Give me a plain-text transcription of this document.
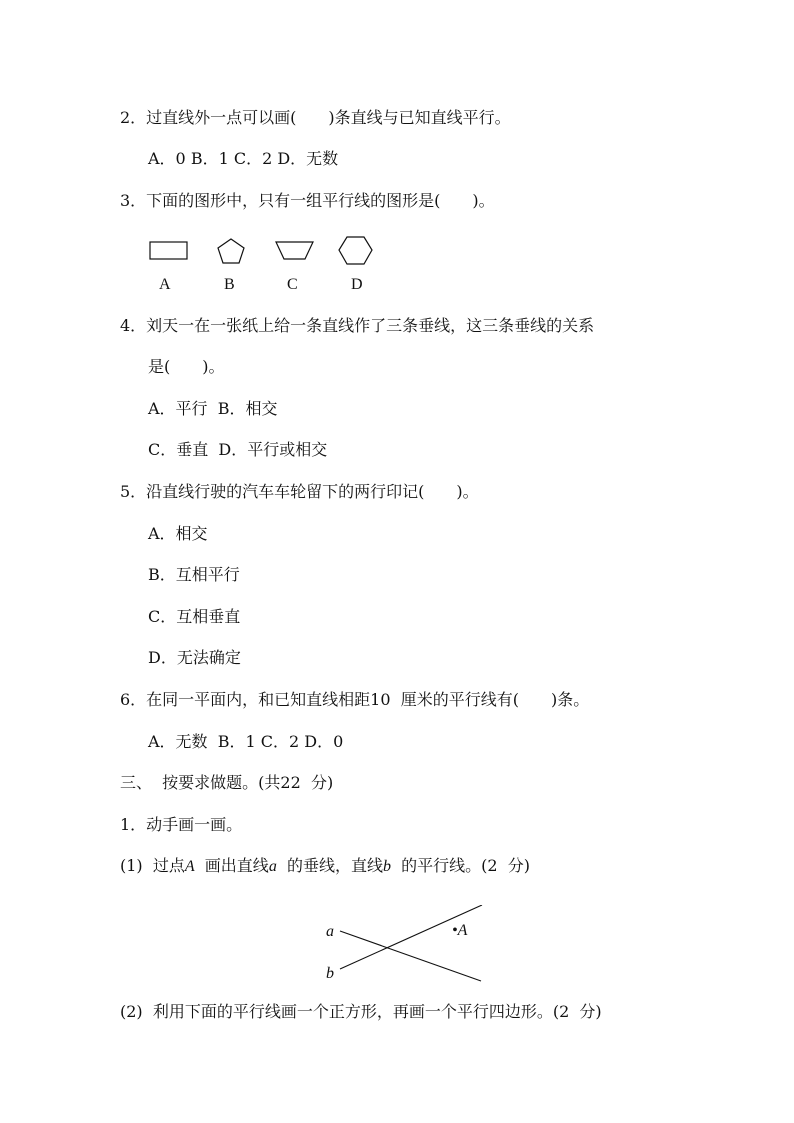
2．过直线外一点可以画(　　)条直线与已知直线平行。
A．0 B．1 C．2 D．无数
3．下面的图形中，只有一组平行线的图形是(　　)。
A	B	C	D
4．刘天一在一张纸上给一条直线作了三条垂线，这三条垂线的关系
是(　　)。
A．平行  B．相交
C．垂直  D．平行或相交
5．沿直线行驶的汽车车轮留下的两行印记(　　)。
A．相交
B．互相平行
C．互相垂直
D．无法确定
6．在同一平面内，和已知直线相距10  厘米的平行线有(　　)条。
A．无数  B．1 C．2 D．0
三、  按要求做题。(共22  分)
1．动手画一画。
(1)  过点A  画出直线a  的垂线，直线b  的平行线。(2  分)
a
b
•A
(2)  利用下面的平行线画一个正方形，再画一个平行四边形。(2  分)
